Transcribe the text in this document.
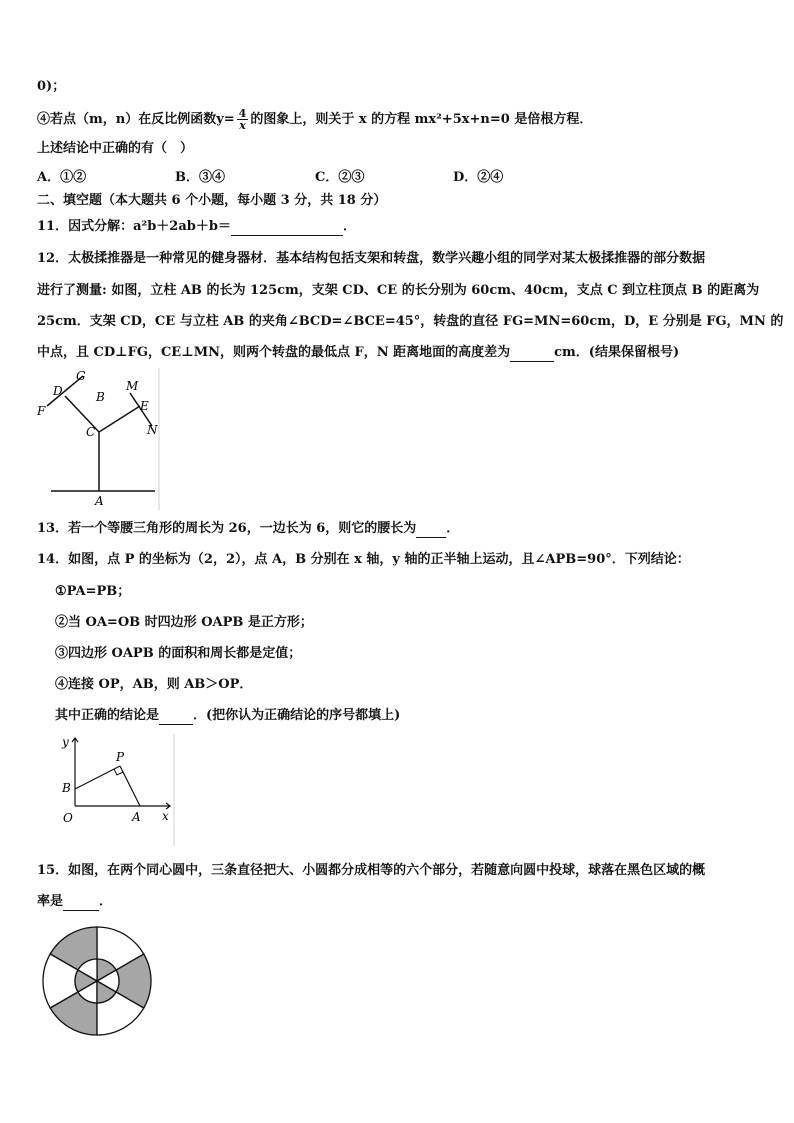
0)；
④若点（m，n）在反比例函数$y= \frac{4}{x}$ 的图象上，则关于 x 的方程 mx²+5x+n=0 是倍根方程．
上述结论中正确的有（　）
A．①②	B．③④	C．②③	D．②④
二、填空题（本大题共 6 个小题，每小题 3 分，共 18 分）
11．因式分解：a²b＋2ab＋b＝	．
12．太极揉推器是一种常见的健身器材．基本结构包括支架和转盘，数学兴趣小组的同学对某太极揉推器的部分数据
进行了测量: 如图，立柱 AB 的长为 125cm，支架 CD、CE 的长分别为 60cm、40cm，支点 C 到立柱顶点 B 的距离为
25cm．支架 CD，CE 与立柱 AB 的夹角∠BCD=∠BCE=45°，转盘的直径 FG=MN=60cm，D，E 分别是 FG，MN 的
中点，且 CD⊥FG，CE⊥MN，则两个转盘的最低点 F，N 距离地面的高度差为	cm．(结果保留根号)
D
G
F
B
C
M
E
N
A
13．若一个等腰三角形的周长为 26，一边长为 6，则它的腰长为 ．
14．如图，点 P 的坐标为（2，2），点 A，B 分别在 x 轴，y 轴的正半轴上运动，且∠APB=90°．下列结论：
①PA=PB；
②当 OA=OB 时四边形 OAPB 是正方形；
③四边形 OAPB 的面积和周长都是定值；
④连接 OP，AB，则 AB＞OP．
其中正确的结论是	．(把你认为正确结论的序号都填上)
y
x
P
B
O	A
15．如图，在两个同心圆中，三条直径把大、小圆都分成相等的六个部分，若随意向圆中投球，球落在黑色区域的概
率是	．
